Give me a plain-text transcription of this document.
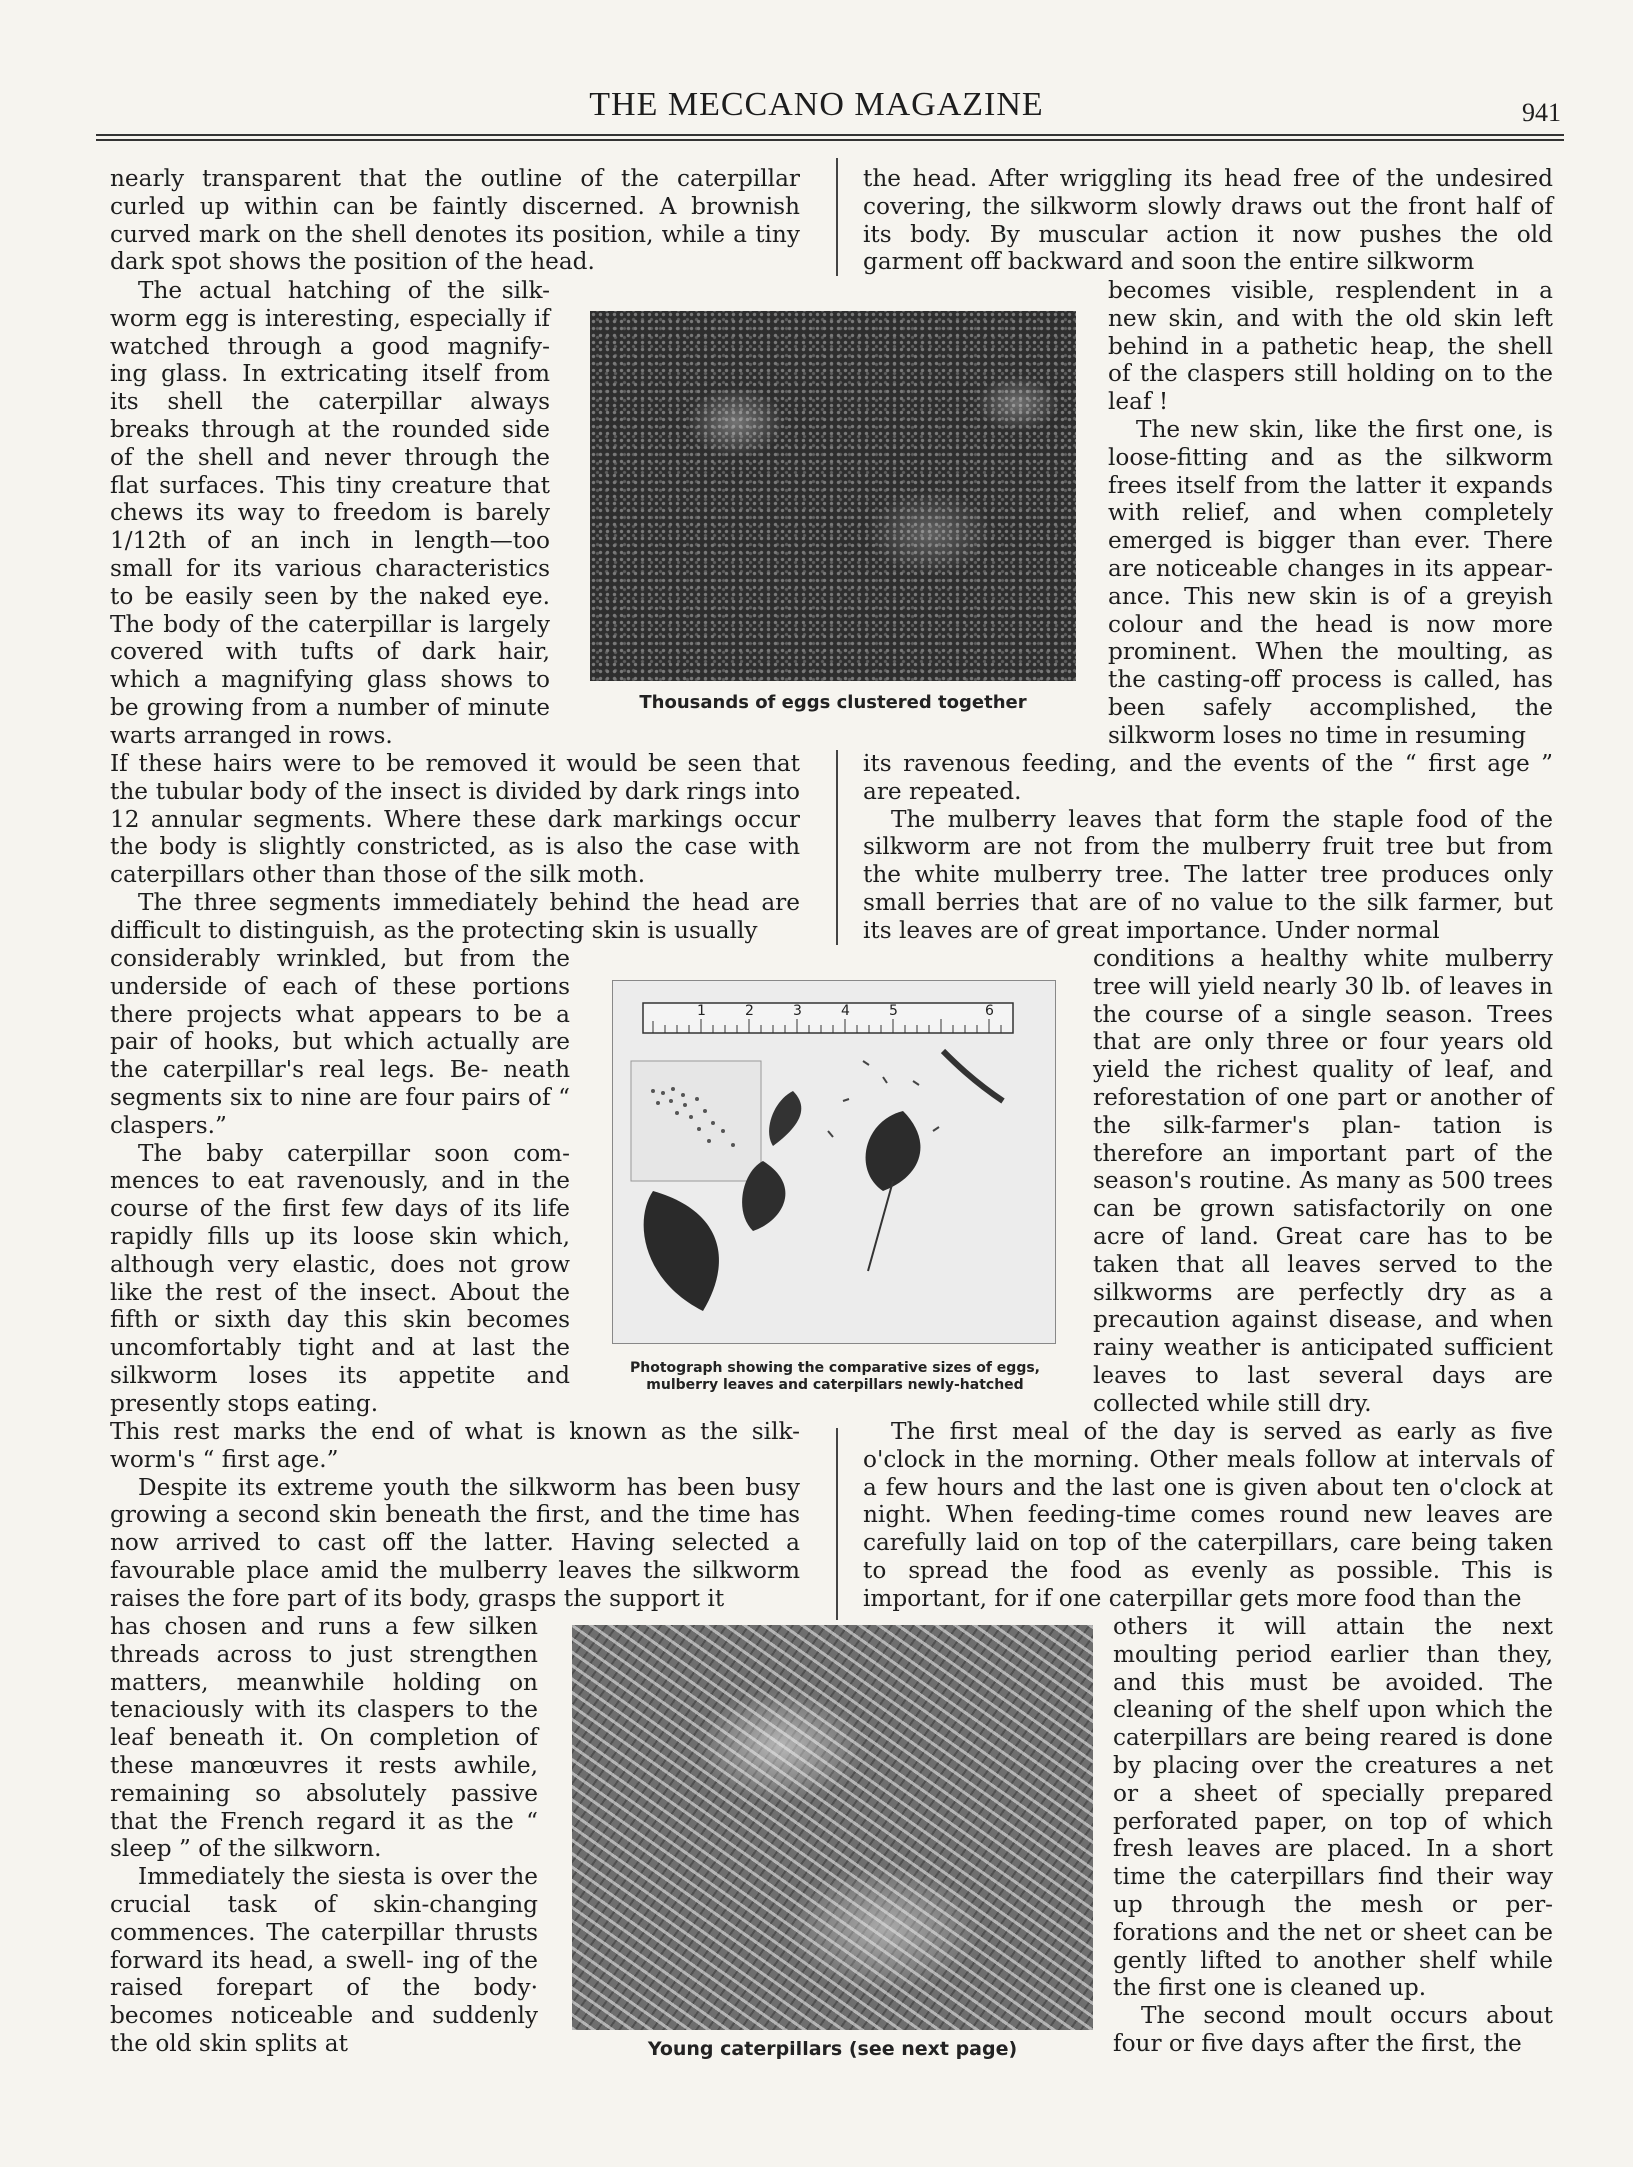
THE MECCANO MAGAZINE	941

nearly transparent that the outline of the caterpillar curled up within can be faintly discerned. A brownish curved mark on the shell denotes its position, while a tiny dark spot shows the position of the head.

The actual hatching of the silk- worm egg is interesting, especially if watched through a good magnify- ing glass. In extricating itself from its shell the caterpillar always breaks through at the rounded side of the shell and never through the flat surfaces. This tiny creature that chews its way to freedom is barely 1/12th of an inch in length—too small for its various characteristics to be easily seen by the naked eye. The body of the caterpillar is largely covered with tufts of dark hair, which a magnifying glass shows to be growing from a number of minute warts arranged in rows.

If these hairs were to be removed it would be seen that the tubular body of the insect is divided by dark rings into 12 annular segments. Where these dark markings occur the body is slightly constricted, as is also the case with caterpillars other than those of the silk moth.

The three segments immediately behind the head are difficult to distinguish, as the protecting skin is usually

considerably wrinkled, but from the underside of each of these portions there projects what appears to be a pair of hooks, but which actually are the caterpillar's real legs. Be- neath segments six to nine are four pairs of “ claspers.”

The baby caterpillar soon com- mences to eat ravenously, and in the course of the first few days of its life rapidly fills up its loose skin which, although very elastic, does not grow like the rest of the insect. About the fifth or sixth day this skin becomes uncomfortably tight and at last the silkworm loses its appetite and presently stops eating.

This rest marks the end of what is known as the silk- worm's “ first age.”

Despite its extreme youth the silkworm has been busy growing a second skin beneath the first, and the time has now arrived to cast off the latter. Having selected a favourable place amid the mulberry leaves the silkworm raises the fore part of its body, grasps the support it

has chosen and runs a few silken threads across to just strengthen matters, meanwhile holding on tenaciously with its claspers to the leaf beneath it. On completion of these manœuvres it rests awhile, remaining so absolutely passive that the French regard it as the “ sleep ” of the silkworn.

Immediately the siesta is over the crucial task of skin-changing commences. The caterpillar thrusts forward its head, a swell- ing of the raised forepart of the body· becomes noticeable and suddenly the old skin splits at

the head. After wriggling its head free of the undesired covering, the silkworm slowly draws out the front half of its body. By muscular action it now pushes the old garment off backward and soon the entire silkworm

becomes visible, resplendent in a new skin, and with the old skin left behind in a pathetic heap, the shell of the claspers still holding on to the leaf !

The new skin, like the first one, is loose-fitting and as the silkworm frees itself from the latter it expands with relief, and when completely emerged is bigger than ever. There are noticeable changes in its appear- ance. This new skin is of a greyish colour and the head is now more prominent. When the moulting, as the casting-off process is called, has been safely accomplished, the silkworm loses no time in resuming

its ravenous feeding, and the events of the “ first age ” are repeated.

The mulberry leaves that form the staple food of the silkworm are not from the mulberry fruit tree but from the white mulberry tree. The latter tree produces only small berries that are of no value to the silk farmer, but its leaves are of great importance. Under normal

conditions a healthy white mulberry tree will yield nearly 30 lb. of leaves in the course of a single season. Trees that are only three or four years old yield the richest quality of leaf, and reforestation of one part or another of the silk-farmer's plan- tation is therefore an important part of the season's routine. As many as 500 trees can be grown satisfactorily on one acre of land. Great care has to be taken that all leaves served to the silkworms are perfectly dry as a precaution against disease, and when rainy weather is anticipated sufficient leaves to last several days are collected while still dry.

The first meal of the day is served as early as five o'clock in the morning. Other meals follow at intervals of a few hours and the last one is given about ten o'clock at night. When feeding-time comes round new leaves are carefully laid on top of the caterpillars, care being taken to spread the food as evenly as possible. This is important, for if one caterpillar gets more food than the

others it will attain the next moulting period earlier than they, and this must be avoided. The cleaning of the shelf upon which the caterpillars are being reared is done by placing over the creatures a net or a sheet of specially prepared perforated paper, on top of which fresh leaves are placed. In a short time the caterpillars find their way up through the mesh or per- forations and the net or sheet can be gently lifted to another shelf while the first one is cleaned up.

The second moult occurs about four or five days after the first, the

Thousands of eggs clustered together
1	2	3	4	5	6
Photograph showing the comparative sizes of eggs,
mulberry leaves and caterpillars newly-hatched
Young caterpillars (see next page)
